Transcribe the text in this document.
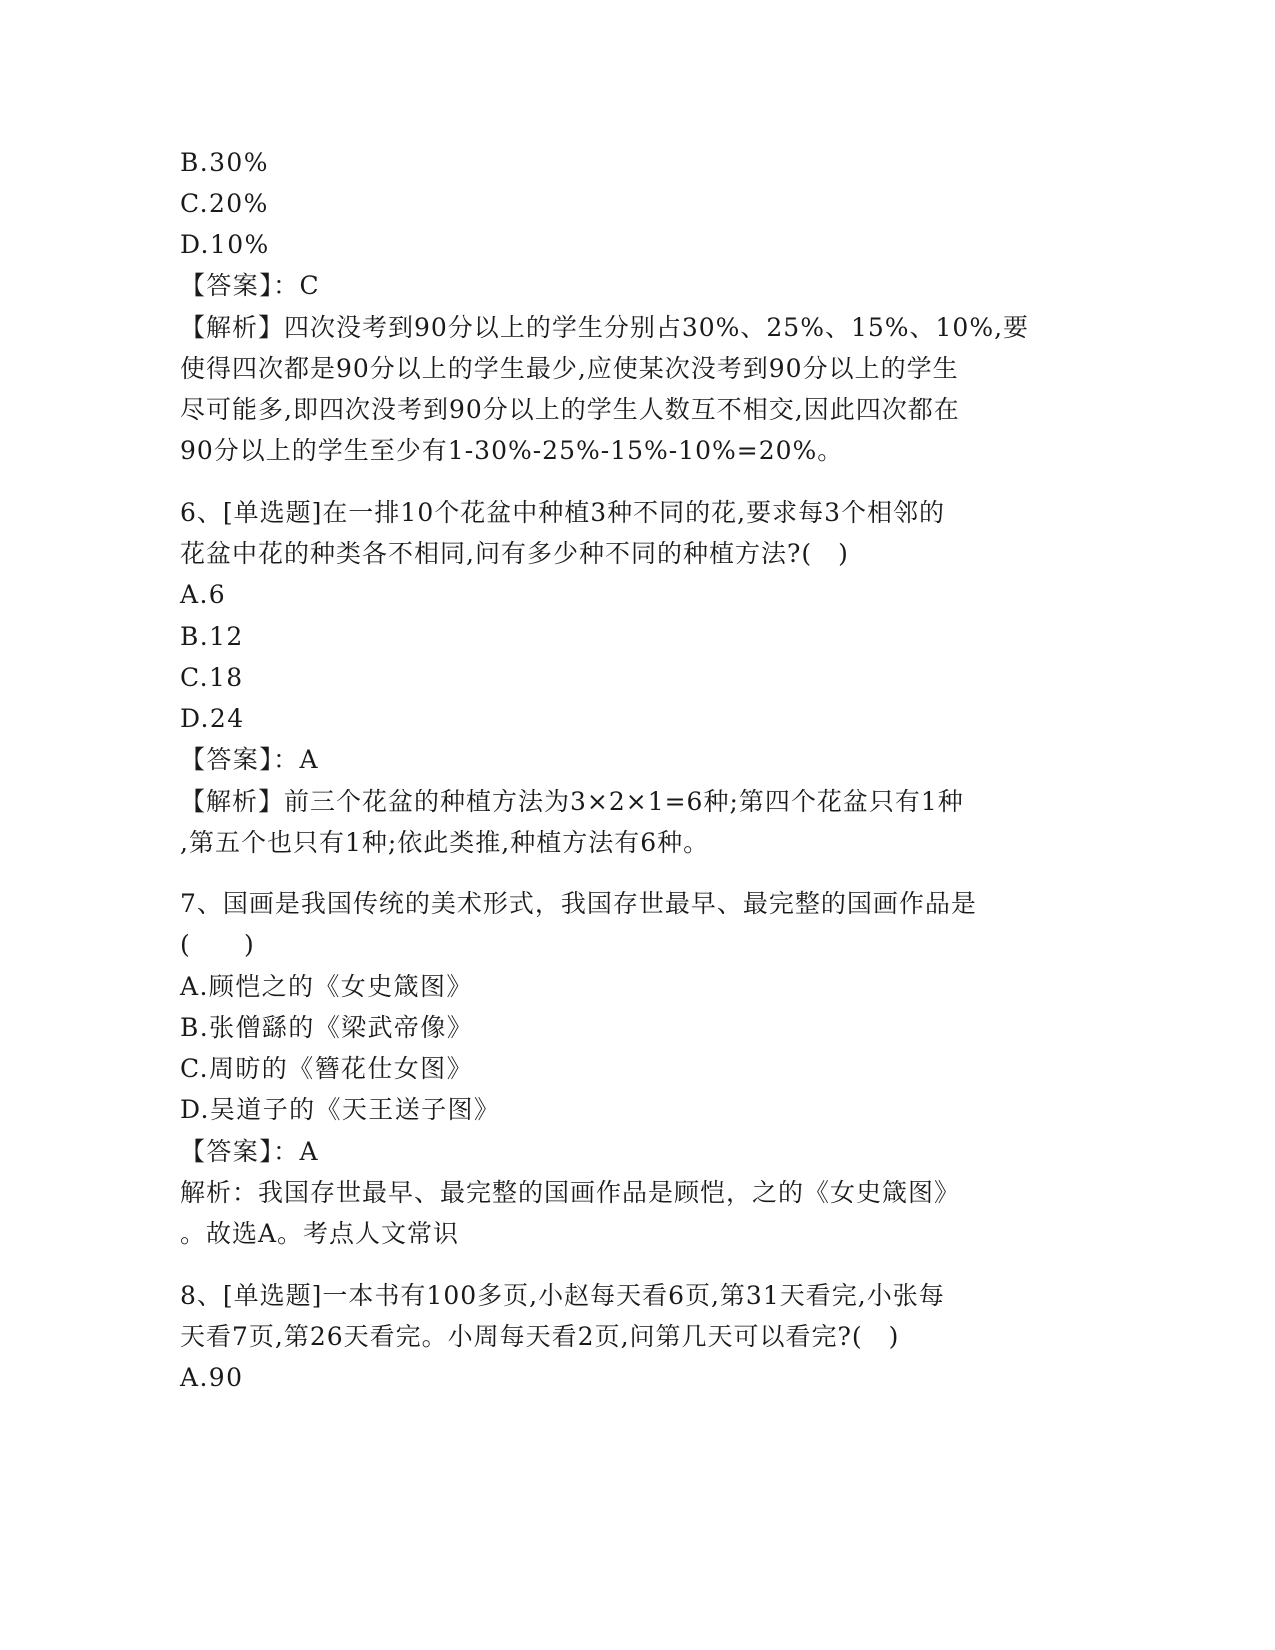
B.30%
C.20%
D.10%
【答案】：C
【解析】四次没考到90分以上的学生分别占30%、25%、15%、10%,要
使得四次都是90分以上的学生最少,应使某次没考到90分以上的学生
尽可能多,即四次没考到90分以上的学生人数互不相交,因此四次都在
90分以上的学生至少有1-30%-25%-15%-10%=20%。
6、[单选题]在一排10个花盆中种植3种不同的花,要求每3个相邻的
花盆中花的种类各不相同,问有多少种不同的种植方法?(　)
A.6
B.12
C.18
D.24
【答案】：A
【解析】前三个花盆的种植方法为3×2×1=6种;第四个花盆只有1种
,第五个也只有1种;依此类推,种植方法有6种。
7、国画是我国传统的美术形式，我国存世最早、最完整的国画作品是
(　　)
A.顾恺之的《女史箴图》
B.张僧繇的《梁武帝像》
C.周昉的《簪花仕女图》
D.吴道子的《天王送子图》
【答案】：A
解析：我国存世最早、最完整的国画作品是顾恺，之的《女史箴图》
。故选A。考点人文常识
8、[单选题]一本书有100多页,小赵每天看6页,第31天看完,小张每
天看7页,第26天看完。小周每天看2页,问第几天可以看完?(　)
A.90
